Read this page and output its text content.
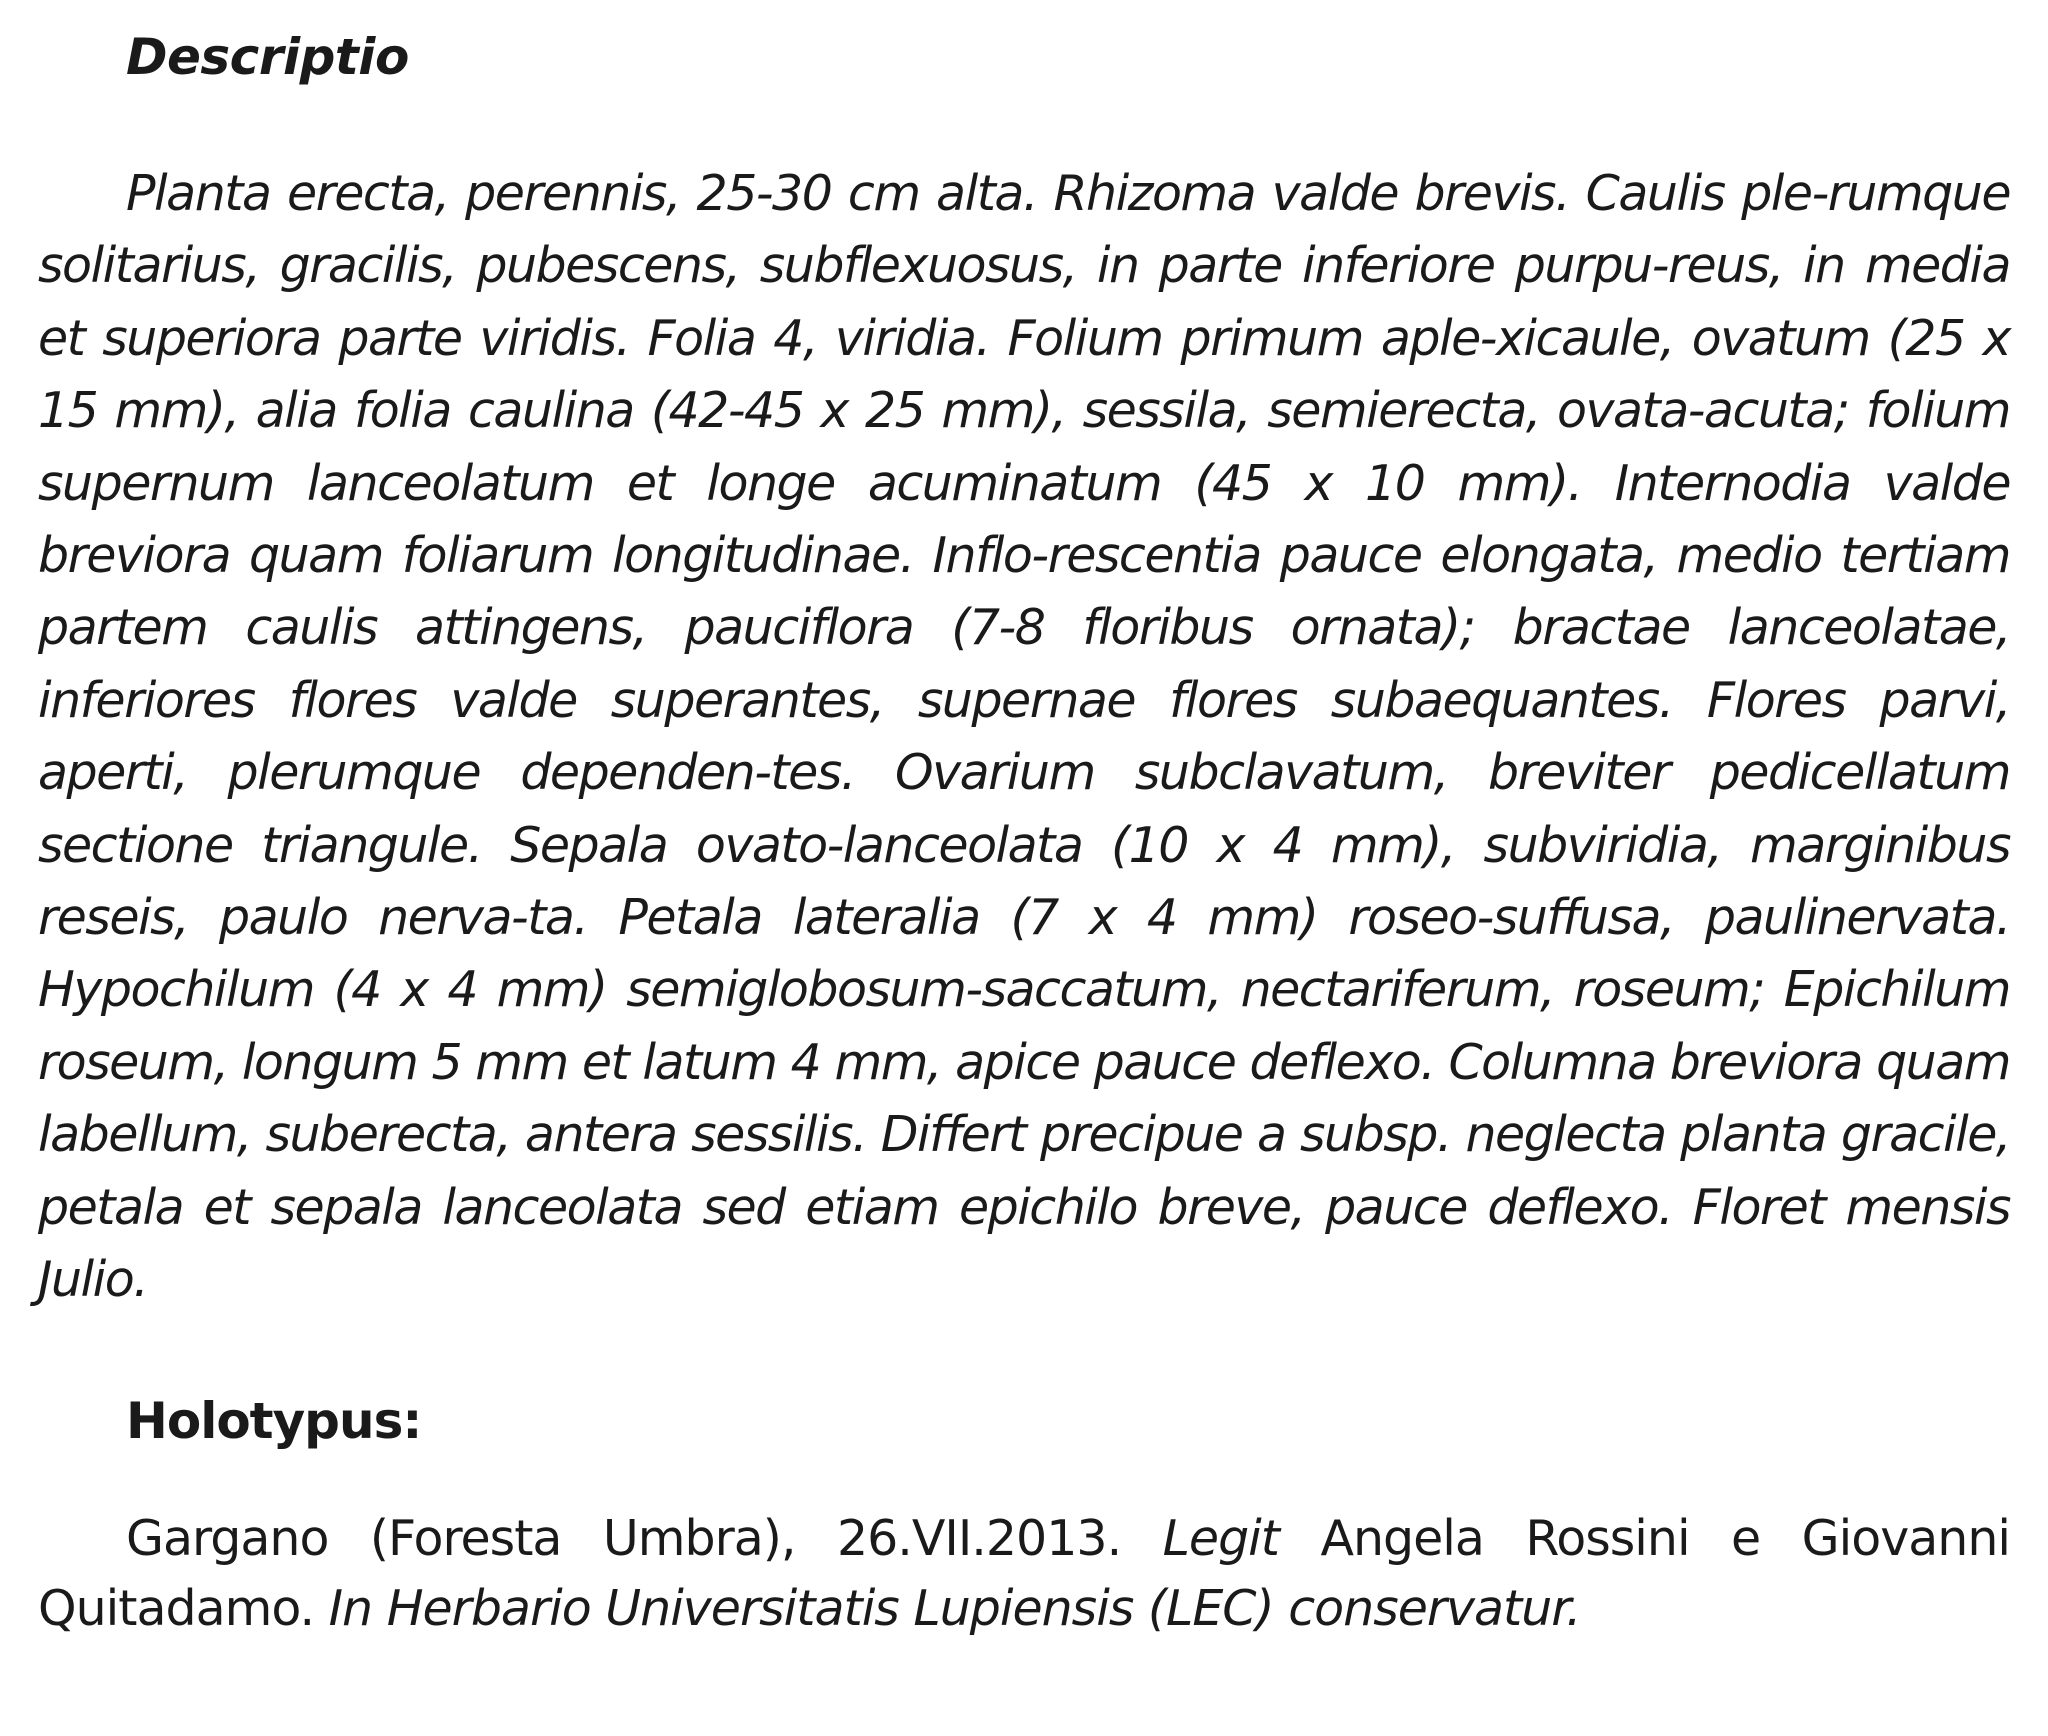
Descriptio

Planta erecta, perennis, 25-30 cm alta. Rhizoma valde brevis. Caulis ple-rumque solitarius, gracilis, pubescens, subflexuosus, in parte inferiore purpu-reus, in media et superiora parte viridis. Folia 4, viridia. Folium primum aple-xicaule, ovatum (25 x 15 mm), alia folia caulina (42-45 x 25 mm), sessila, semierecta, ovata-acuta; folium supernum lanceolatum et longe acuminatum (45 x 10 mm). Internodia valde breviora quam foliarum longitudinae. Inflo-rescentia pauce elongata, medio tertiam partem caulis attingens, pauciflora (7-8 floribus ornata); bractae lanceolatae, inferiores flores valde superantes, supernae flores subaequantes. Flores parvi, aperti, plerumque dependen-tes. Ovarium subclavatum, breviter pedicellatum sectione triangule. Sepala ovato-lanceolata (10 x 4 mm), subviridia, marginibus reseis, paulo nerva-ta. Petala lateralia (7 x 4 mm) roseo-suffusa, paulinervata. Hypochilum (4 x 4 mm) semiglobosum-saccatum, nectariferum, roseum; Epichilum roseum, longum 5 mm et latum 4 mm, apice pauce deflexo. Columna breviora quam labellum, suberecta, antera sessilis. Differt precipue a subsp. neglecta planta gracile, petala et sepala lanceolata sed etiam epichilo breve, pauce deflexo. Floret mensis Julio.

Holotypus:

Gargano (Foresta Umbra), 26.VII.2013. Legit Angela Rossini e Giovanni Quitadamo. In Herbario Universitatis Lupiensis (LEC) conservatur.
